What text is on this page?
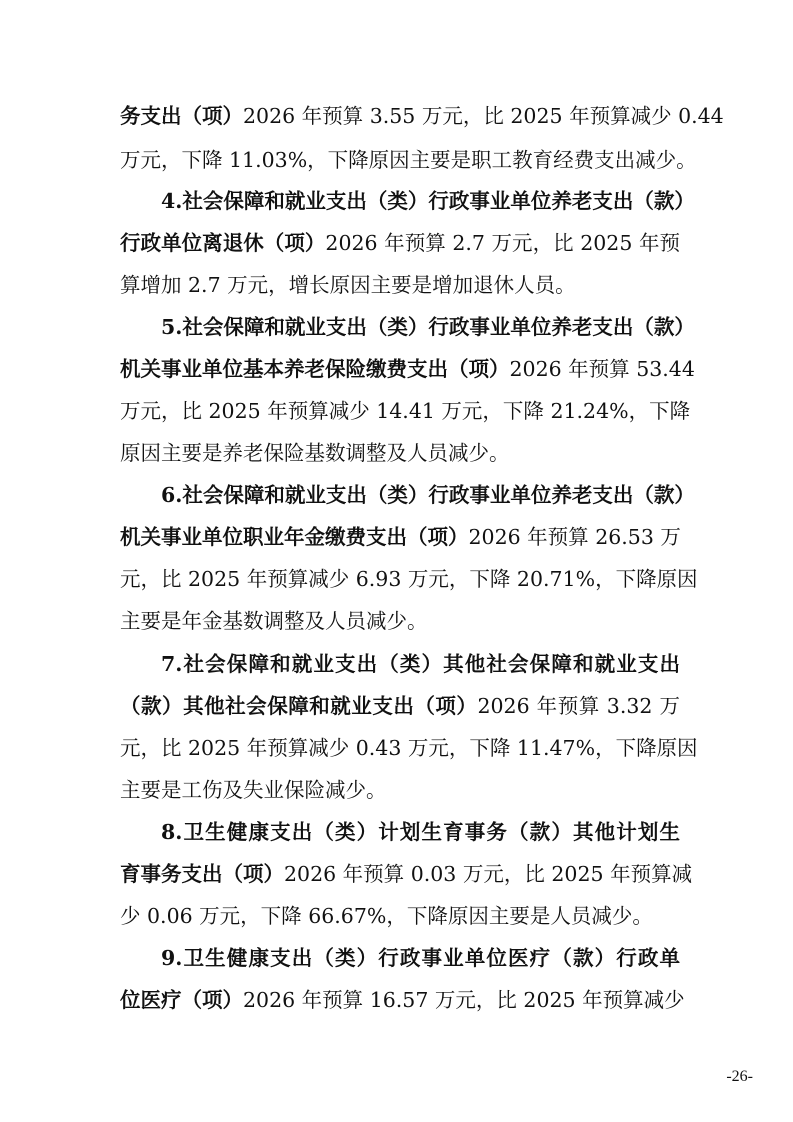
务支出（项）2026 年预算 3.55 万元，比 2025 年预算减少 0.44
万元，下降 11.03%，下降原因主要是职工教育经费支出减少。
4.社会保障和就业支出（类）行政事业单位养老支出（款）
行政单位离退休（项）2026 年预算 2.7 万元，比 2025 年预
算增加 2.7 万元，增长原因主要是增加退休人员。
5.社会保障和就业支出（类）行政事业单位养老支出（款）
机关事业单位基本养老保险缴费支出（项）2026 年预算 53.44
万元，比 2025 年预算减少 14.41 万元，下降 21.24%，下降
原因主要是养老保险基数调整及人员减少。
6.社会保障和就业支出（类）行政事业单位养老支出（款）
机关事业单位职业年金缴费支出（项）2026 年预算 26.53 万
元，比 2025 年预算减少 6.93 万元，下降 20.71%，下降原因
主要是年金基数调整及人员减少。
7.社会保障和就业支出（类）其他社会保障和就业支出
（款）其他社会保障和就业支出（项）2026 年预算 3.32 万
元，比 2025 年预算减少 0.43 万元，下降 11.47%，下降原因
主要是工伤及失业保险减少。
8.卫生健康支出（类）计划生育事务（款）其他计划生
育事务支出（项）2026 年预算 0.03 万元，比 2025 年预算减
少 0.06 万元，下降 66.67%，下降原因主要是人员减少。
9.卫生健康支出（类）行政事业单位医疗（款）行政单
位医疗（项）2026 年预算 16.57 万元，比 2025 年预算减少
-26-
